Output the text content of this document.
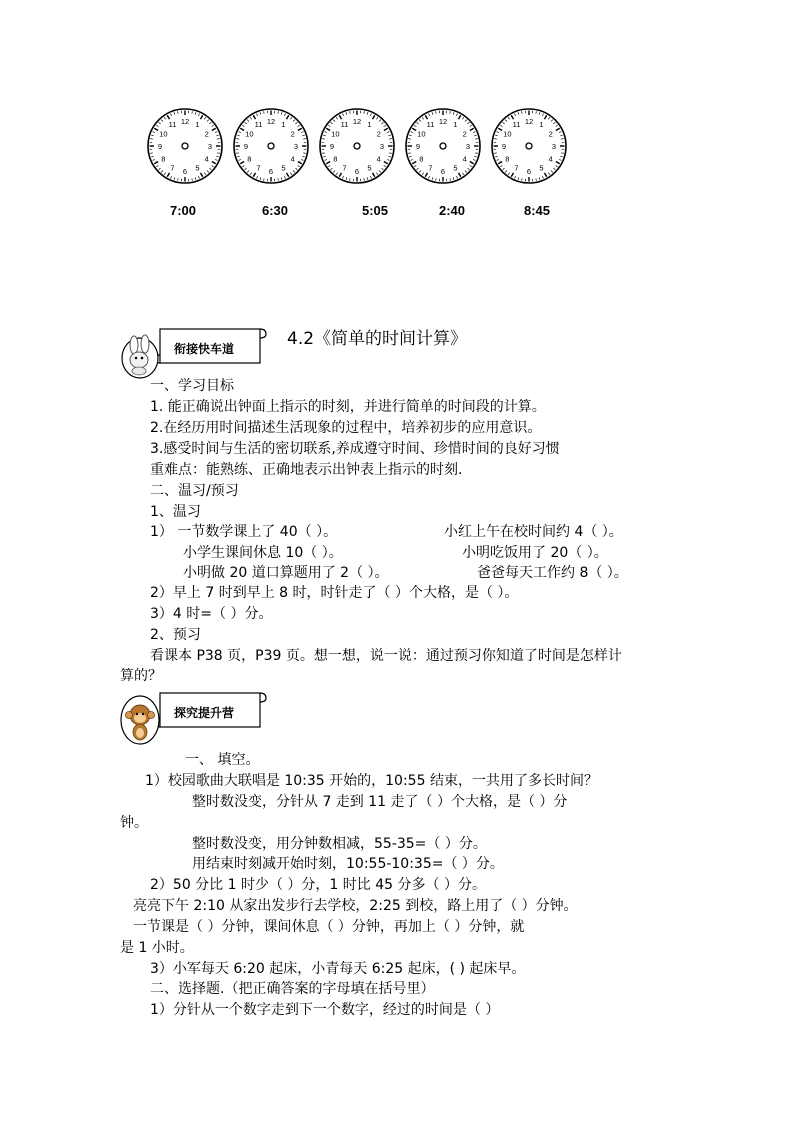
12 1
2
3
4
5
6
7
8
9
10
11	12 1
2
3
4
5
6
7
8
9
10
11	12 1
2
3
4
5
6
7
8
9
10
11	12 1
2
3
4
5
6
7
8
9
10
11	12 1
2
3
4
5
6
7
8
9
10
11
7:00	6:30	5:05	2:40	8:45
衔接快车道	4.2《简单的时间计算》
一、学习目标
1. 能正确说出钟面上指示的时刻，并进行简单的时间段的计算。
2.在经历用时间描述生活现象的过程中，培养初步的应用意识。
3.感受时间与生活的密切联系,养成遵守时间、珍惜时间的良好习惯
重难点：能熟练、正确地表示出钟表上指示的时刻.
二、温习/预习
1、温习
1） 一节数学课上了 40（ ）。	小红上午在校时间约 4（ ）。
小学生课间休息 10（ ）。	小明吃饭用了 20（ ）。
小明做 20 道口算题用了 2（ ）。	爸爸每天工作约 8（ ）。
2）早上 7 时到早上 8 时，时针走了（ ）个大格，是（ ）。
3）4 时=（ ）分。
2、预习
看课本 P38 页，P39 页。想一想，说一说：通过预习你知道了时间是怎样计
算的？
探究提升营
一、 填空。
1）校园歌曲大联唱是 10:35 开始的，10:55 结束，一共用了多长时间？
整时数没变，分针从 7 走到 11 走了（ ）个大格，是（ ）分
钟。
整时数没变，用分钟数相减，55-35=（ ）分。
用结束时刻减开始时刻，10:55-10:35=（ ）分。
2）50 分比 1 时少（ ）分，1 时比 45 分多（ ）分。
亮亮下午 2:10 从家出发步行去学校，2:25 到校，路上用了（ ）分钟。
一节课是（ ）分钟，课间休息（ ）分钟，再加上（ ）分钟，就
是 1 小时。
3）小军每天 6:20 起床，小青每天 6:25 起床，( ) 起床早。
二、选择题.（把正确答案的字母填在括号里）
1）分针从一个数字走到下一个数字，经过的时间是（ ）
